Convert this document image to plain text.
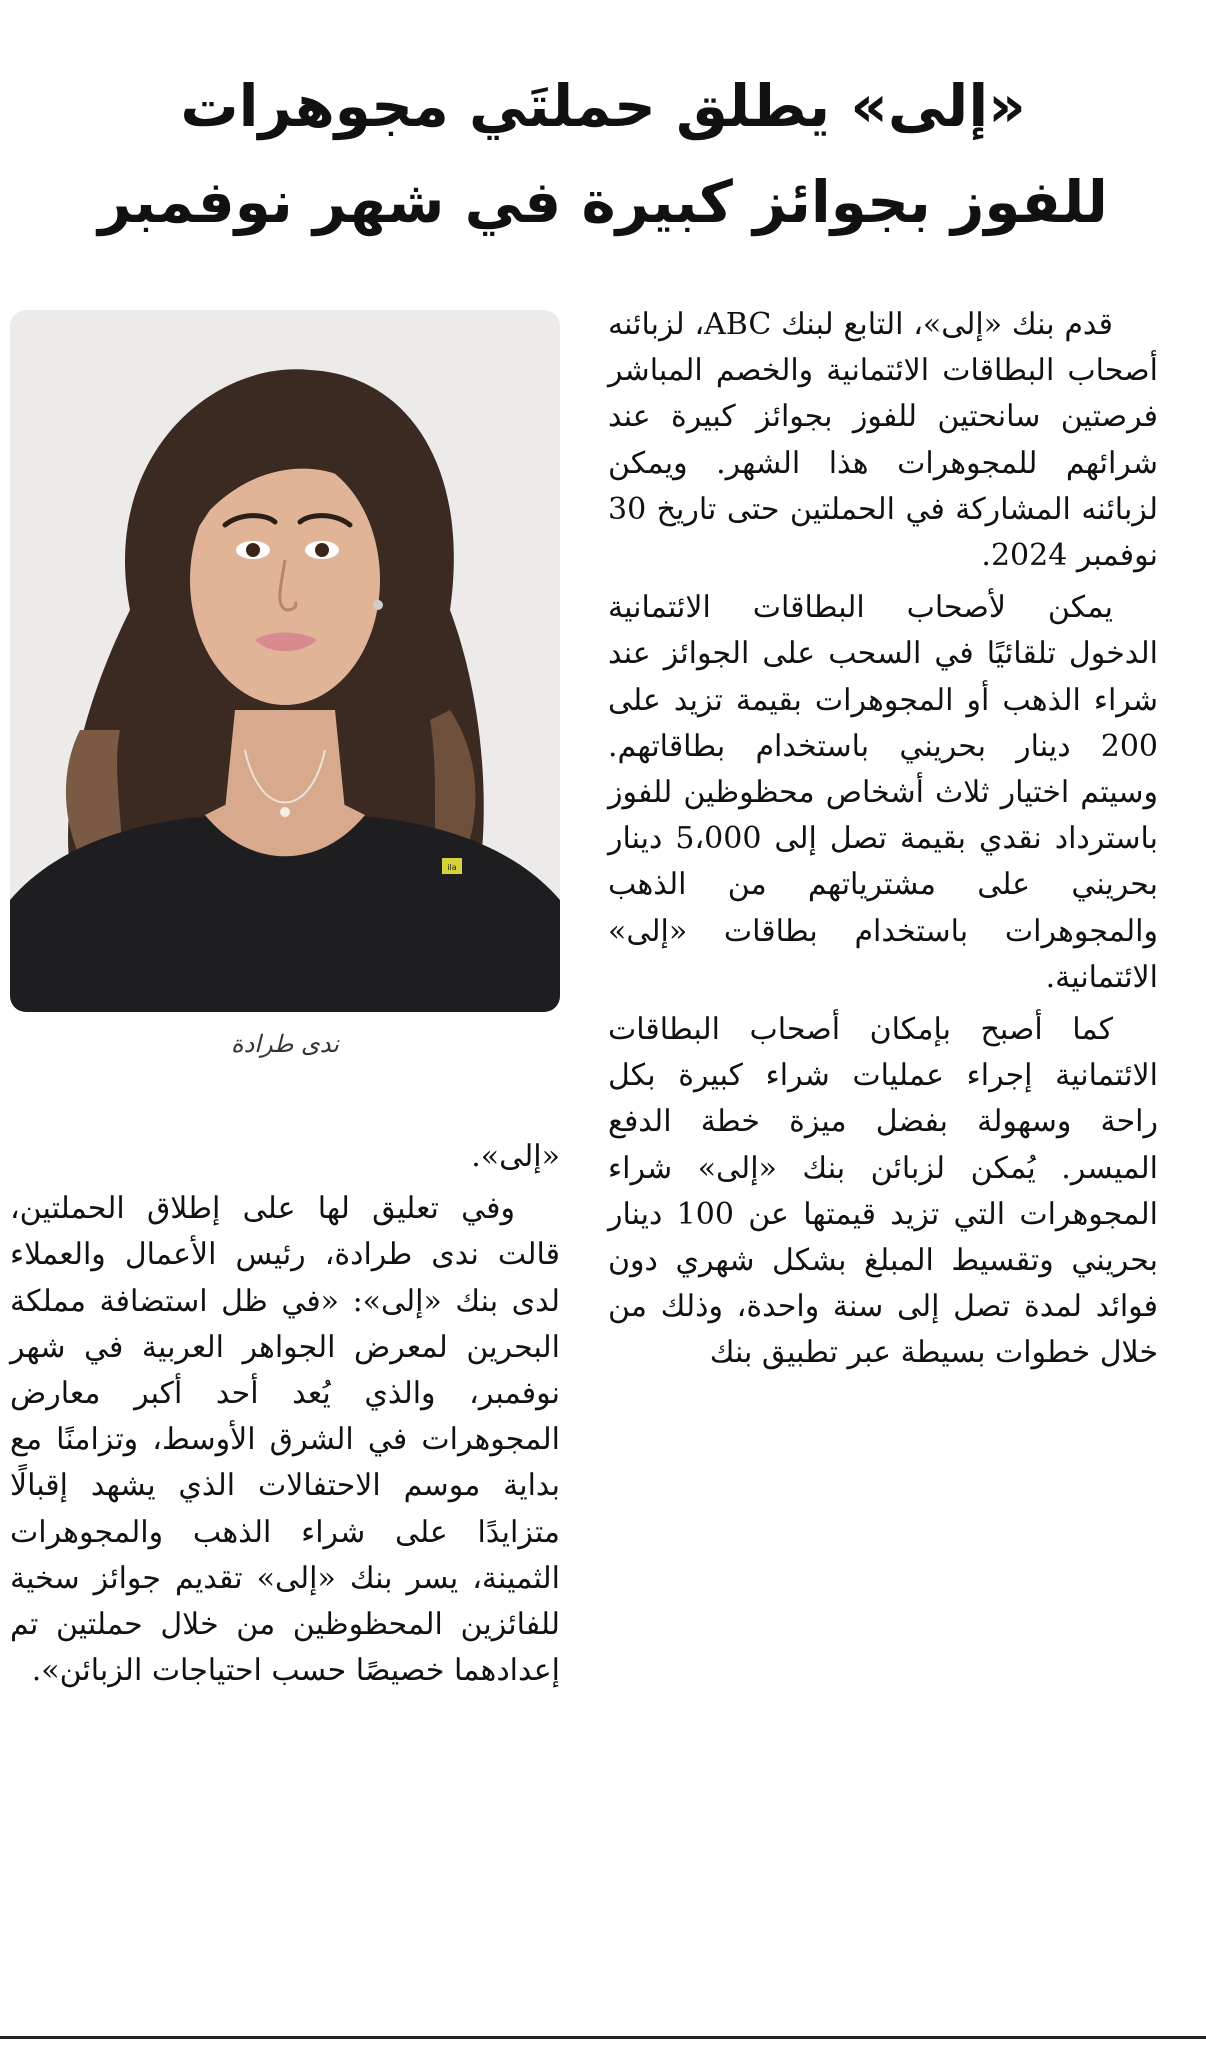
«إلى» يطلق حملتَي مجوهرات
للفوز بجوائز كبيرة في شهر نوفمبر

قدم بنك «إلى»، التابع لبنك ABC، لزبائنه أصحاب البطاقات الائتمانية والخصم المباشر فرصتين سانحتين للفوز بجوائز كبيرة عند شرائهم للمجوهرات هذا الشهر. ويمكن لزبائنه المشاركة في الحملتين حتى تاريخ 30 نوفمبر 2024.

يمكن لأصحاب البطاقات الائتمانية الدخول تلقائيًا في السحب على الجوائز عند شراء الذهب أو المجوهرات بقيمة تزيد على 200 دينار بحريني باستخدام بطاقاتهم. وسيتم اختيار ثلاث أشخاص محظوظين للفوز باسترداد نقدي بقيمة تصل إلى 5،000 دينار بحريني على مشترياتهم من الذهب والمجوهرات باستخدام بطاقات «إلى» الائتمانية.

كما أصبح بإمكان أصحاب البطاقات الائتمانية إجراء عمليات شراء كبيرة بكل راحة وسهولة بفضل ميزة خطة الدفع الميسر. يُمكن لزبائن بنك «إلى» شراء المجوهرات التي تزيد قيمتها عن 100 دينار بحريني وتقسيط المبلغ بشكل شهري دون فوائد لمدة تصل إلى سنة واحدة، وذلك من خلال خطوات بسيطة عبر تطبيق بنك

ila
ندى طرادة

«إلى».

وفي تعليق لها على إطلاق الحملتين، قالت ندى طرادة، رئيس الأعمال والعملاء لدى بنك «إلى»: «في ظل استضافة مملكة البحرين لمعرض الجواهر العربية في شهر نوفمبر، والذي يُعد أحد أكبر معارض المجوهرات في الشرق الأوسط، وتزامنًا مع بداية موسم الاحتفالات الذي يشهد إقبالًا متزايدًا على شراء الذهب والمجوهرات الثمينة، يسر بنك «إلى» تقديم جوائز سخية للفائزين المحظوظين من خلال حملتين تم إعدادهما خصيصًا حسب احتياجات الزبائن».
